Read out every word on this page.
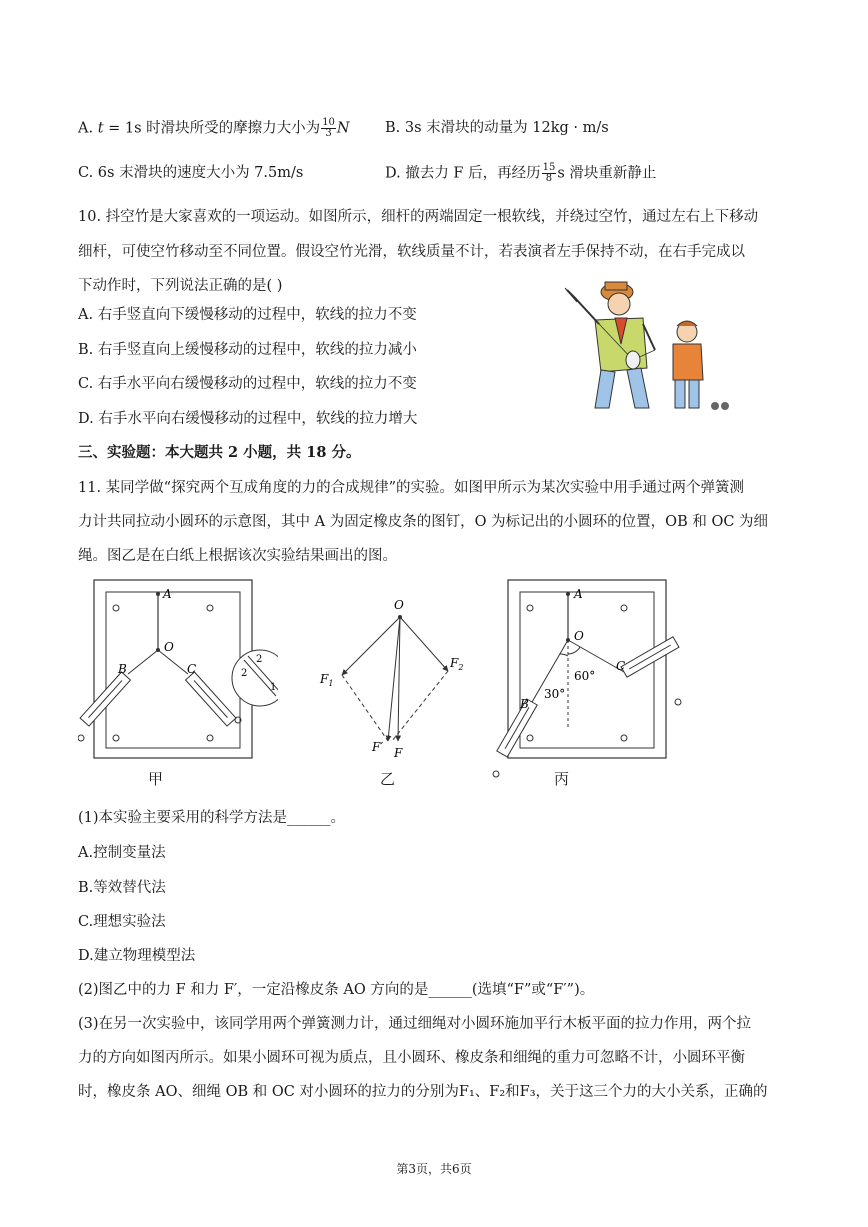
A. t = 1s 时滑块所受的摩擦力大小为 $\frac{10}{3}$ N B. 3s 末滑块的动量为 12kg · m/s
C. 6s 末滑块的速度大小为 7.5m/s	D. 撤去力 F 后，再经历 $\frac{15}{8}$ s 滑块重新静止
10. 抖空竹是大家喜欢的一项运动。如图所示，细杆的两端固定一根软线，并绕过空竹，通过左右上下移动
细杆，可使空竹移动至不同位置。假设空竹光滑，软线质量不计，若表演者左手保持不动，在右手完成以
下动作时，下列说法正确的是( )
A. 右手竖直向下缓慢移动的过程中，软线的拉力不变
B. 右手竖直向上缓慢移动的过程中，软线的拉力减小
C. 右手水平向右缓慢移动的过程中，软线的拉力不变
D. 右手水平向右缓慢移动的过程中，软线的拉力增大
三、实验题：本大题共 2 小题，共 18 分。
11. 某同学做“探究两个互成角度的力的合成规律”的实验。如图甲所示为某次实验中用手通过两个弹簧测
力计共同拉动小圆环的示意图，其中 A 为固定橡皮条的图钉，O 为标记出的小圆环的位置，OB 和 OC 为细
绳。图乙是在白纸上根据该次实验结果画出的图。
A
O
B	C	2
2
1
甲
O
$F_1$
$F_2$
F′ F
乙
A
O
B
C
30°
60°
丙
(1)本实验主要采用的科学方法是______。
A.控制变量法
B.等效替代法
C.理想实验法
D.建立物理模型法
(2)图乙中的力 F 和力 F′，一定沿橡皮条 AO 方向的是______(选填“F”或“F′”)。
(3)在另一次实验中，该同学用两个弹簧测力计，通过细绳对小圆环施加平行木板平面的拉力作用，两个拉
力的方向如图丙所示。如果小圆环可视为质点，且小圆环、橡皮条和细绳的重力可忽略不计，小圆环平衡
时，橡皮条 AO、细绳 OB 和 OC 对小圆环的拉力的分别为F₁、F₂和F₃，关于这三个力的大小关系，正确的
第3页，共6页
